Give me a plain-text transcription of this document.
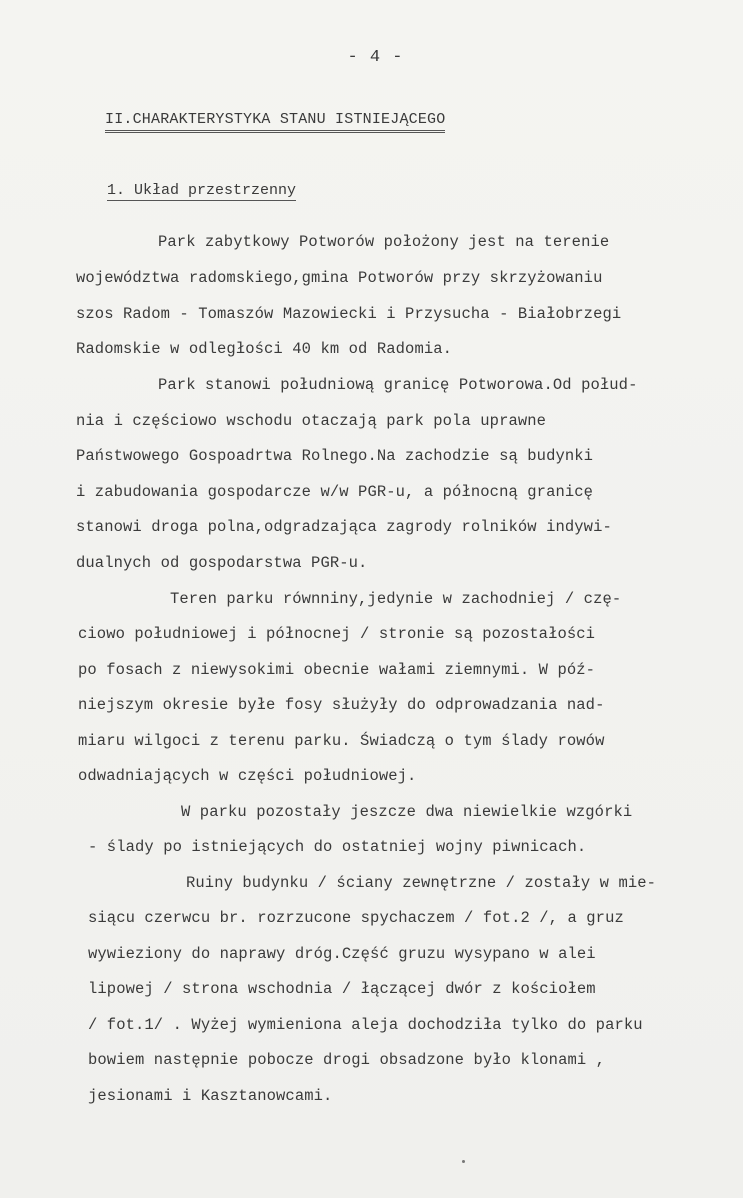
- 4 -
II.CHARAKTERYSTYKA STANU ISTNIEJĄCEGO
1. Układ przestrzenny
Park zabytkowy Potworów położony jest na terenie
województwa radomskiego,gmina Potworów przy skrzyżowaniu
szos Radom - Tomaszów Mazowiecki i Przysucha - Białobrzegi
Radomskie w odległości 40 km od Radomia.
Park stanowi południową granicę Potworowa.Od połud-
nia i częściowo wschodu otaczają park pola uprawne
Państwowego Gospoadrtwa Rolnego.Na zachodzie są budynki
i zabudowania gospodarcze w/w PGR-u, a północną granicę
stanowi droga polna,odgradzająca zagrody rolników indywi-
dualnych od gospodarstwa PGR-u.
Teren parku równniny,jedynie w zachodniej / czę-
ciowo południowej i północnej / stronie są pozostałości
po fosach z niewysokimi obecnie wałami ziemnymi. W póź-
niejszym okresie byłe fosy służyły do odprowadzania nad-
miaru wilgoci z terenu parku. Świadczą o tym ślady rowów
odwadniających w części południowej.
W parku pozostały jeszcze dwa niewielkie wzgórki
- ślady po istniejących do ostatniej wojny piwnicach.
Ruiny budynku / ściany zewnętrzne / zostały w mie-
siącu czerwcu br. rozrzucone spychaczem / fot.2 /, a gruz
wywieziony do naprawy dróg.Część gruzu wysypano w alei
lipowej / strona wschodnia / łączącej dwór z kościołem
/ fot.1/ . Wyżej wymieniona aleja dochodziła tylko do parku
bowiem następnie pobocze drogi obsadzone było klonami ,
jesionami i Kasztanowcami.
